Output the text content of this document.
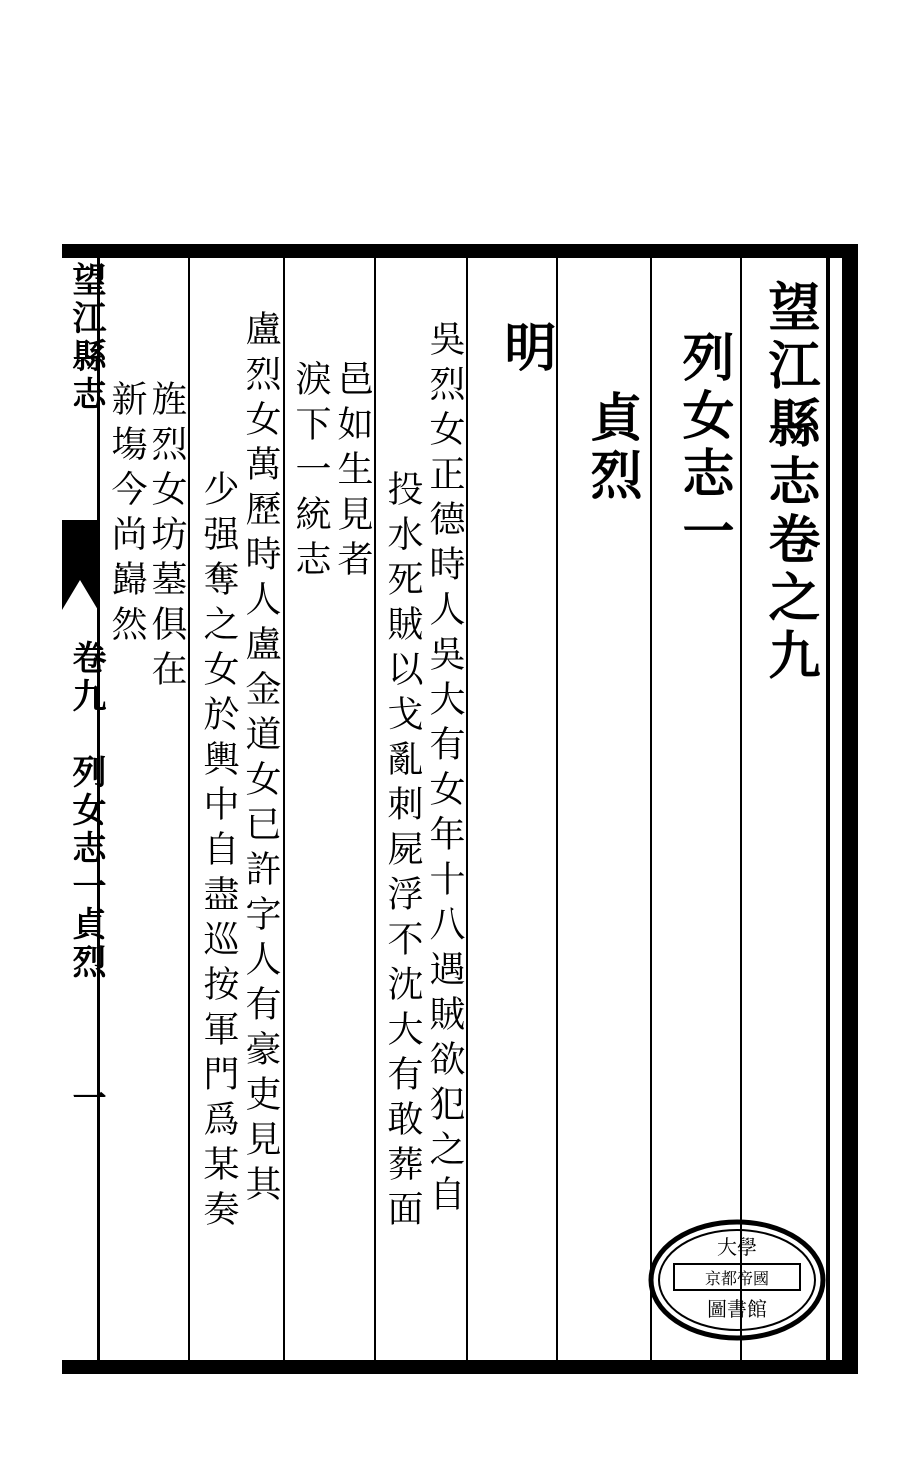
望江縣志
卷九　列女志一貞烈
一
望江縣志卷之九
列女志一
貞烈
明
吳烈女正德時人吳大有女年十八遇賊欲犯之自
投水死賊以戈亂刺屍浮不沈大有敢葬面
邑如生見者
淚下一統志
盧烈女萬歷時人盧金道女已許字人有豪吏見其
少强奪之女於輿中自盡巡按軍門爲某奏
旌烈女坊墓俱在
新塲今尚巋然
大學
京都帝國
圖書館
